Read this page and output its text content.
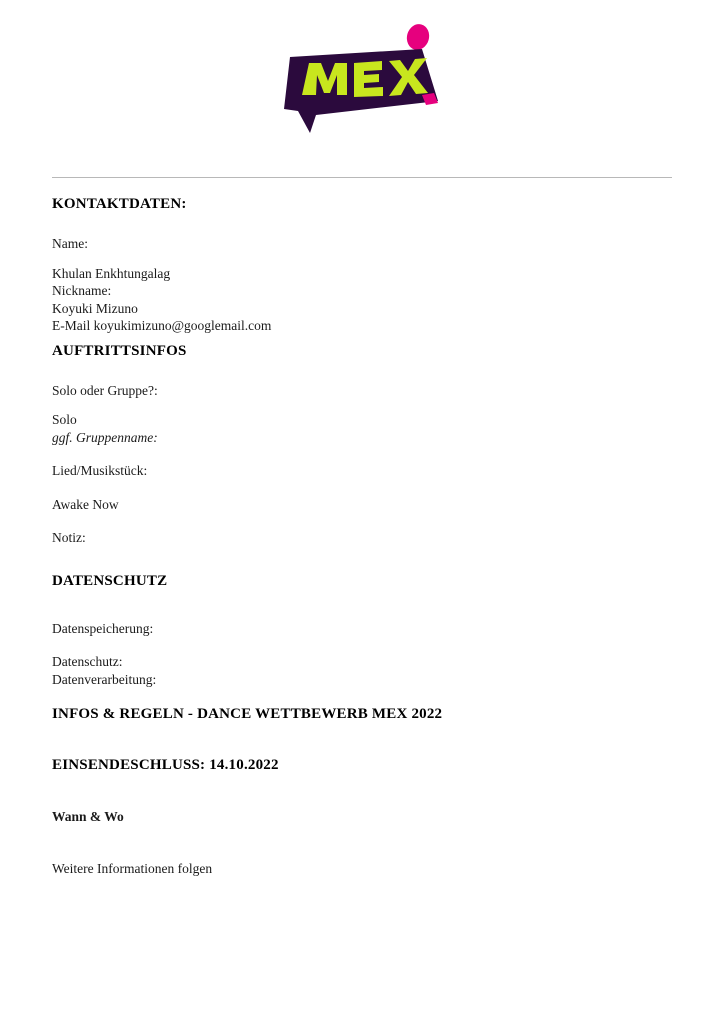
KONTAKTDATEN:

Name:

Khulan Enkhtungalag

Nickname:

Koyuki Mizuno

E-Mail koyukimizuno@googlemail.com

AUFTRITTSINFOS

Solo oder Gruppe?:

Solo

ggf. Gruppenname:

Lied/Musikstück:

Awake Now

Notiz:

DATENSCHUTZ

Datenspeicherung:

Datenschutz:

Datenverarbeitung:

INFOS & REGELN - DANCE WETTBEWERB MEX 2022
EINSENDESCHLUSS: 14.10.2022

Wann & Wo

Weitere Informationen folgen
